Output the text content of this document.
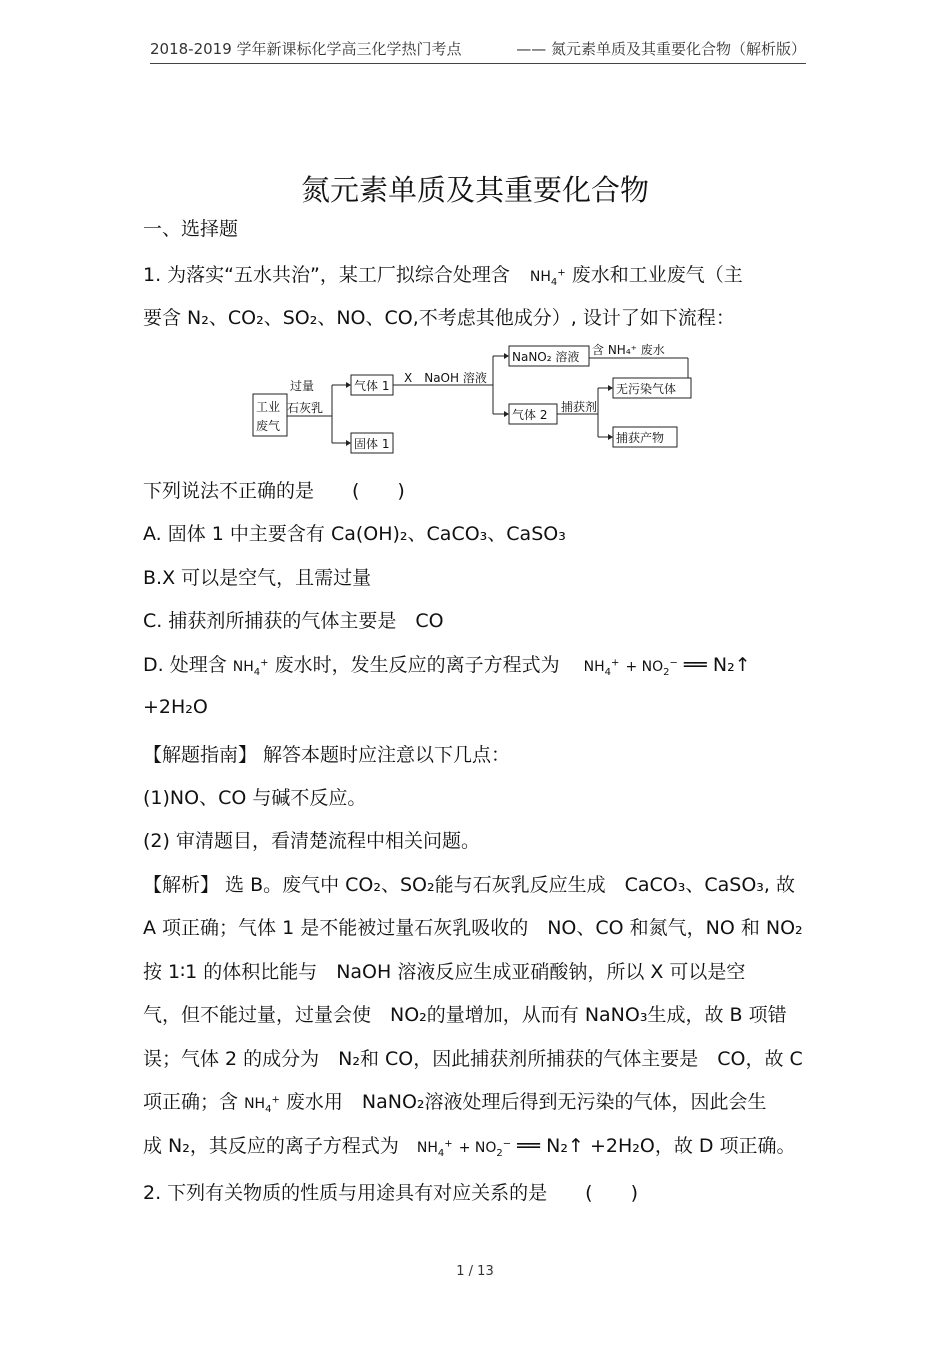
2018-2019 学年新课标化学高三化学热门考点	—— 氮元素单质及其重要化合物（解析版）
氮元素单质及其重要化合物
一、选择题
1. 为落实“五水共治”，某工厂拟综合处理含 $NH_4^+$ 废水和工业废气（主
要含 N₂、CO₂、SO₂、NO、CO,不考虑其他成分）, 设计了如下流程：
工业
废气
过量
石灰乳
气体 1
固体 1
X　NaOH 溶液
NaNO₂ 溶液 含 NH₄⁺ 废水
气体 2
捕获剂
无污染气体
捕获产物
下列说法不正确的是　　(　　)
A. 固体 1 中主要含有 Ca(OH)₂、CaCO₃、CaSO₃
B.X 可以是空气，且需过量
C. 捕获剂所捕获的气体主要是　CO
D. 处理含 $NH_4^+$ 废水时，发生反应的离子方程式为 $NH_4^+ + NO_2^-$ ══ N₂↑
+2H₂O
【解题指南】 解答本题时应注意以下几点：
(1)NO、CO 与碱不反应。
(2) 审清题目，看清楚流程中相关问题。
【解析】 选 B。废气中 CO₂、SO₂能与石灰乳反应生成　CaCO₃、CaSO₃, 故
A 项正确；气体 1 是不能被过量石灰乳吸收的　NO、CO 和氮气，NO 和 NO₂
按 1∶1 的体积比能与　NaOH 溶液反应生成亚硝酸钠，所以 X 可以是空
气，但不能过量，过量会使　NO₂的量增加，从而有 NaNO₃生成，故 B 项错
误；气体 2 的成分为　N₂和 CO，因此捕获剂所捕获的气体主要是　CO，故 C
项正确；含 $NH_4^+$ 废水用　NaNO₂溶液处理后得到无污染的气体，因此会生
成 N₂，其反应的离子方程式为 $NH_4^+ + NO_2^-$ ══ N₂↑ +2H₂O，故 D 项正确。
2. 下列有关物质的性质与用途具有对应关系的是　　(　　)
1 / 13
